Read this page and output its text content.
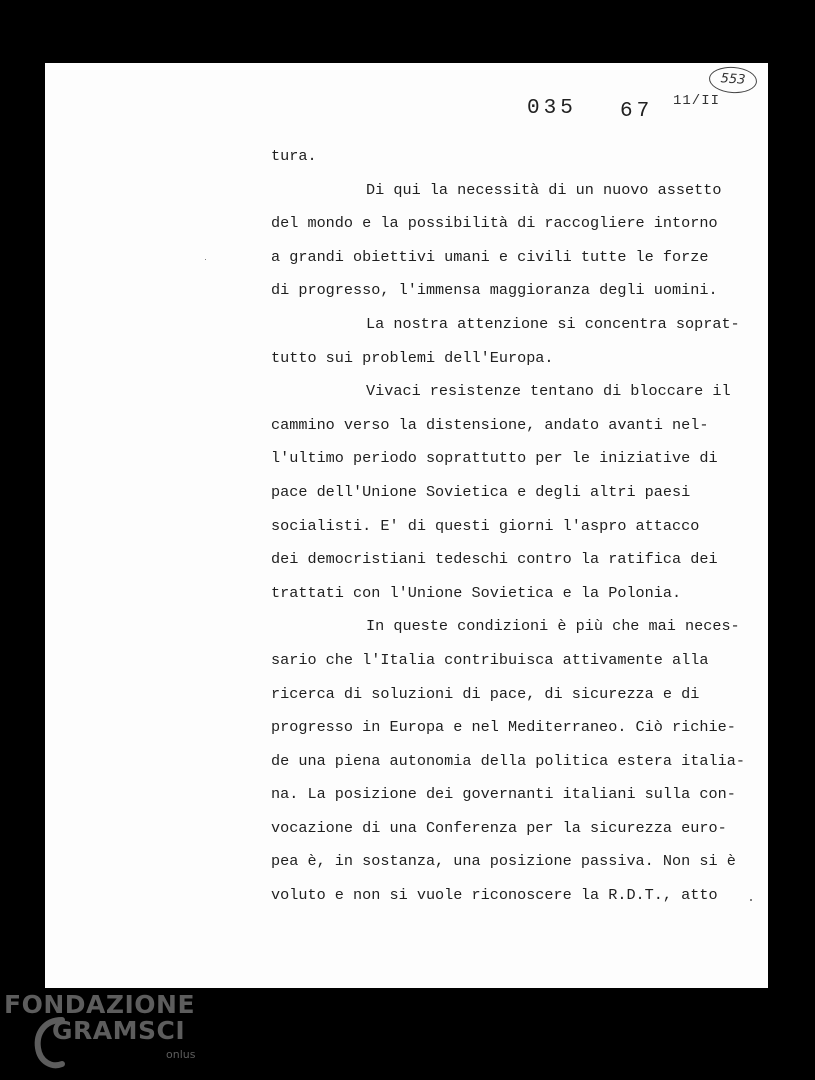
035 67 11/II
553
tura.
Di qui la necessità di un nuovo assetto
del mondo e la possibilità di raccogliere intorno
a grandi obiettivi umani e civili tutte le forze
di progresso, l'immensa maggioranza degli uomini.
La nostra attenzione si concentra soprat-
tutto sui problemi dell'Europa.
Vivaci resistenze tentano di bloccare il
cammino verso la distensione, andato avanti nel-
l'ultimo periodo soprattutto per le iniziative di
pace dell'Unione Sovietica e degli altri paesi
socialisti. E' di questi giorni l'aspro attacco
dei democristiani tedeschi contro la ratifica dei
trattati con l'Unione Sovietica e la Polonia.
In queste condizioni è più che mai neces-
sario che l'Italia contribuisca attivamente alla
ricerca di soluzioni di pace, di sicurezza e di
progresso in Europa e nel Mediterraneo. Ciò richie-
de una piena autonomia della politica estera italia-
na. La posizione dei governanti italiani sulla con-
vocazione di una Conferenza per la sicurezza euro-
pea è, in sostanza, una posizione passiva. Non si è
voluto e non si vuole riconoscere la R.D.T., atto
FONDAZIONE
GRAMSCI
onlus
